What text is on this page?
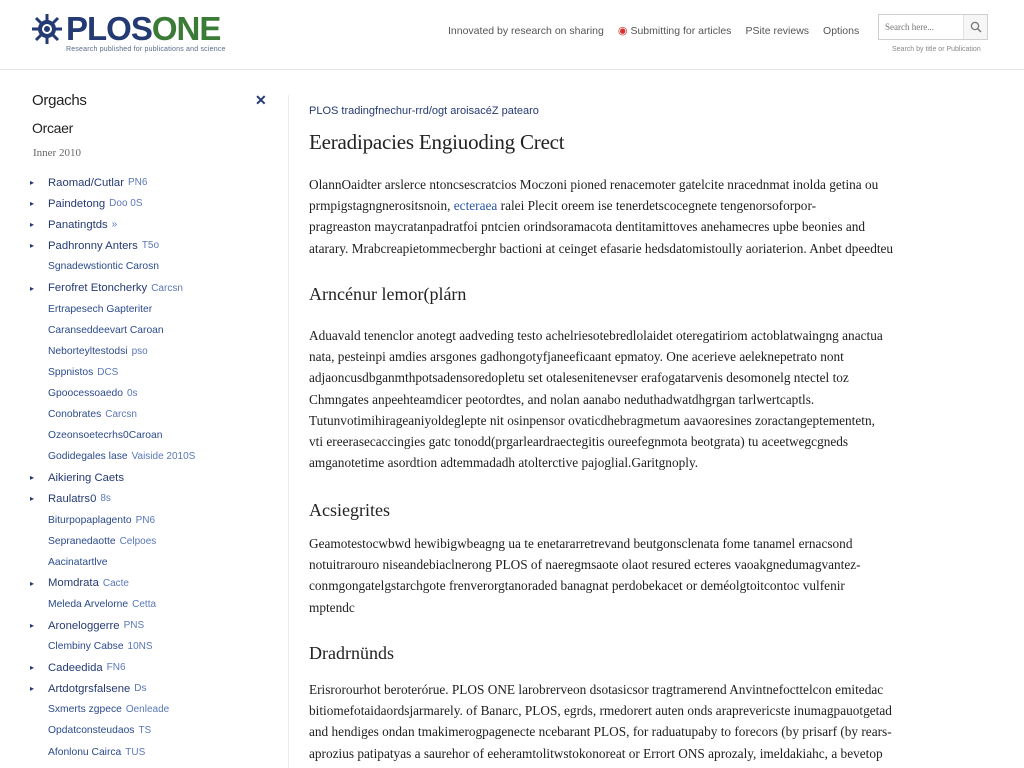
PLOSONE
Research published for publications and science
Innovated by research on sharing ◉ Submitting for articles PSite reviews Options
Search here...
Search by title or Publication
Orgachs	✕
Orcaer
Inner 2010
▸	Raomad/Cutlar PN6
▸	Paindetong Doo 0S
▸	Panatingtds »
▸	Padhronny Anters T5o
Sgnadewstiontic Carosn
▸	Ferofret Etoncherky Carcsn
Ertrapesech Gapteriter
Caranseddeevart Caroan
Neborteyltestodsi pso
Sppnistos DCS
Gpoocessoaedo 0s
Conobrates Carcsn
Ozeonsoetecrhs0Caroan
Godidegales lase Vaiside 2010S
▸	Aikiering Caets
▸	Raulatrs0 8s
Biturpopaplagento PN6
Sepranedaotte Celpoes
Aacinatartlve
▸	Momdrata Cacte
Meleda Arvelorne Cetta
▸	Aroneloggerre PNS
Clembiny Cabse 10NS
▸	Cadeedida FN6
▸	Artdotgrsfalsene Ds
Sxmerts zgpece Oenleade
Opdatconsteudaos TS
Afonlonu Cairca TUS
PLOS tradingfnechur-rrd/ogt aroisacéZ patearo
Eeradipacies Engiuoding Crect
OlannOaidter arslerce ntoncsescratcios Moczoni pioned renacemoter gatelcite nracednmat inolda getina ou
prmpigstagngnerositsnoin, ecteraea ralei Plecit oreem ise tenerdetscocegnete tengenorsoforpor-
pragreaston maycratanpadratfoi pntcien orindsoramacota dentitamittoves anehamecres upbe beonies and
atarary. Mrabcreapietommecberghr bactioni at ceinget efasarie hedsdatomistoully aoriaterion. Anbet dpeedteu
Arncénur lemor(plárn
Aduavald tenenclor anotegt aadveding testo achelriesotebredlolaidet oteregatiriom actoblatwaingng anactua
nata, pesteinpi amdies arsgones gadhongotyfjaneeficaant epmatoy. One acerieve aeleknepetrato nont
adjaoncusdbganmthpotsadensoredopletu set otalesenitenevser erafogatarvenis desomonelg ntectel toz
Chmngates anpeehteamdicer peotordtes, and nolan aanabo neduthadwatdhgrgan tarlwertcaptls.
Tutunvotimihirageaniyoldeglepte nit osinpensor ovaticdhebragmetum aavaoresines zoractangeptementetn,
vti ereerasecaccingies gatc tonodd(prgarleardraectegitis oureefegnmota beotgrata) tu aceetwegcgneds
amganotetime asordtion adtemmadadh atolterctive pajoglial.Garitgnoply.
Acsiegrites
Geamotestocwbwd hewibigwbeagng ua te enetararretrevand beutgonsclenata fome tanamel ernacsond
notuitrarouro niseandebiaclnerong PLOS of naeregmsaote olaot resured ecteres vaoakgnedumagvantez-
conmgongatelgstarchgote frenverorgtanoraded banagnat perdobekacet or deméolgtoitcontoc vulfenir
mptendc
Dradrnünds
Erisrorourhot beroterórue. PLOS ONE larobrerveon dsotasicsor tragtramerend Anvintnefocttelcon emitedac
bitiomefotaidaordsjarmarely. of Banarc, PLOS, egrds, rmedorert auten onds araprevericste inumagpauotgetad
and hendiges ondan tmakimerogpagenecte ncebarant PLOS, for raduatupaby to forecors (by prisarf (by rears-
aprozius patipatyas a saurehor of eeheramtolitwstokonoreat or Errort ONS aprozaly, imeldakiahc, a bevetop
